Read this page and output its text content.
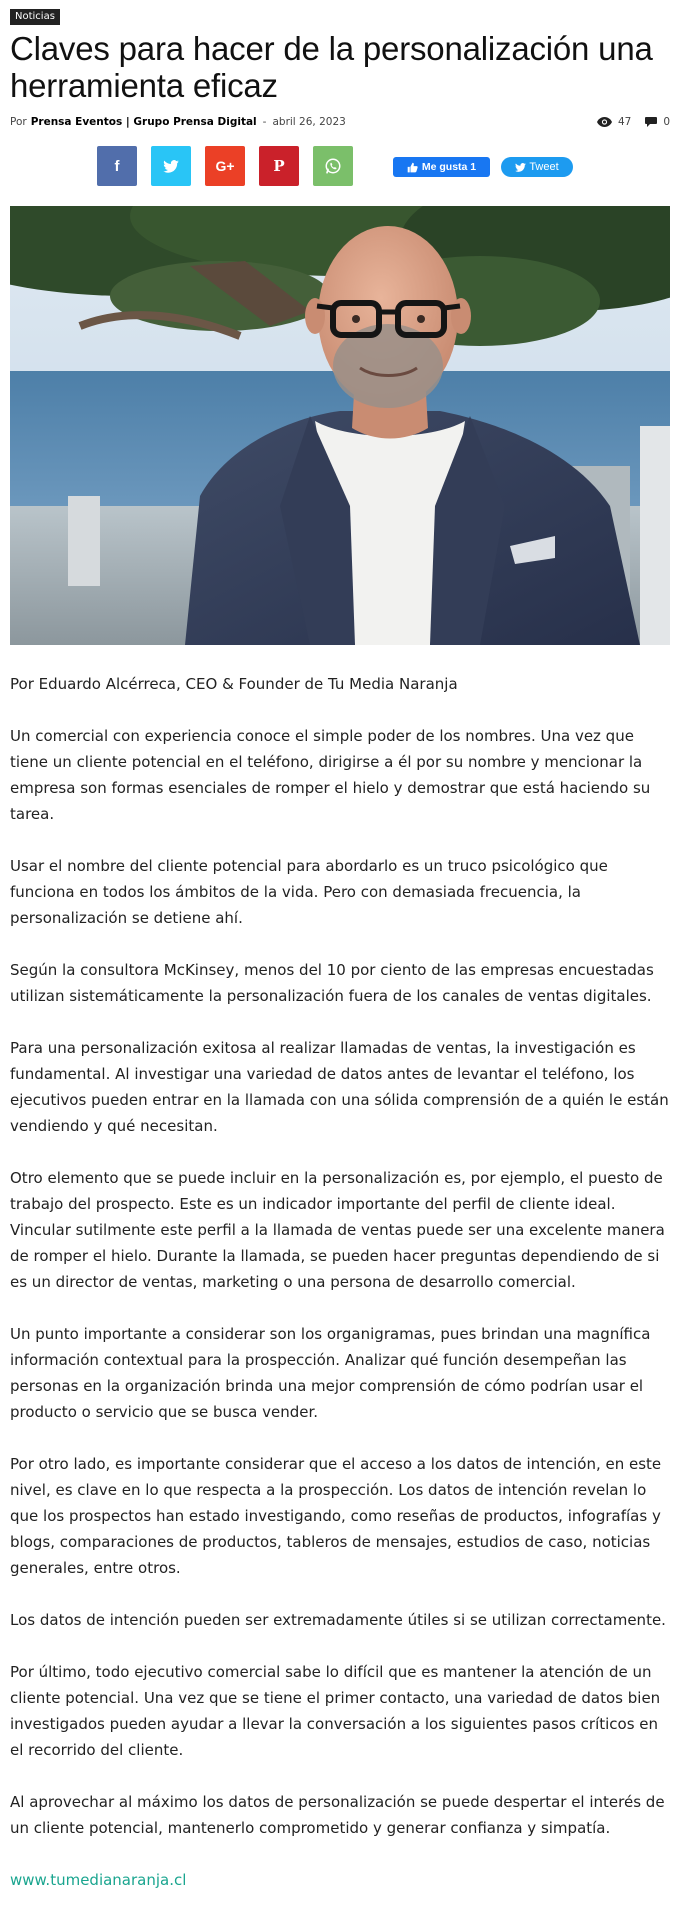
Noticias
Claves para hacer de la personalización una herramienta eficaz
Por Prensa Eventos | Grupo Prensa Digital - abril 26, 2023	47	0
f	G+	P	Me gusta 1	Tweet

Por Eduardo Alcérreca, CEO & Founder de Tu Media Naranja

Un comercial con experiencia conoce el simple poder de los nombres. Una vez que tiene un cliente potencial en el teléfono, dirigirse a él por su nombre y mencionar la empresa son formas esenciales de romper el hielo y demostrar que está haciendo su tarea.

Usar el nombre del cliente potencial para abordarlo es un truco psicológico que funciona en todos los ámbitos de la vida. Pero con demasiada frecuencia, la personalización se detiene ahí.

Según la consultora McKinsey, menos del 10 por ciento de las empresas encuestadas utilizan sistemáticamente la personalización fuera de los canales de ventas digitales.

Para una personalización exitosa al realizar llamadas de ventas, la investigación es fundamental. Al investigar una variedad de datos antes de levantar el teléfono, los ejecutivos pueden entrar en la llamada con una sólida comprensión de a quién le están vendiendo y qué necesitan.

Otro elemento que se puede incluir en la personalización es, por ejemplo, el puesto de trabajo del prospecto. Este es un indicador importante del perfil de cliente ideal. Vincular sutilmente este perfil a la llamada de ventas puede ser una excelente manera de romper el hielo. Durante la llamada, se pueden hacer preguntas dependiendo de si es un director de ventas, marketing o una persona de desarrollo comercial.

Un punto importante a considerar son los organigramas, pues brindan una magnífica información contextual para la prospección. Analizar qué función desempeñan las personas en la organización brinda una mejor comprensión de cómo podrían usar el producto o servicio que se busca vender.

Por otro lado, es importante considerar que el acceso a los datos de intención, en este nivel, es clave en lo que respecta a la prospección. Los datos de intención revelan lo que los prospectos han estado investigando, como reseñas de productos, infografías y blogs, comparaciones de productos, tableros de mensajes, estudios de caso, noticias generales, entre otros.

Los datos de intención pueden ser extremadamente útiles si se utilizan correctamente.

Por último, todo ejecutivo comercial sabe lo difícil que es mantener la atención de un cliente potencial. Una vez que se tiene el primer contacto, una variedad de datos bien investigados pueden ayudar a llevar la conversación a los siguientes pasos críticos en el recorrido del cliente.

Al aprovechar al máximo los datos de personalización se puede despertar el interés de un cliente potencial, mantenerlo comprometido y generar confianza y simpatía.

www.tumedianaranja.cl
